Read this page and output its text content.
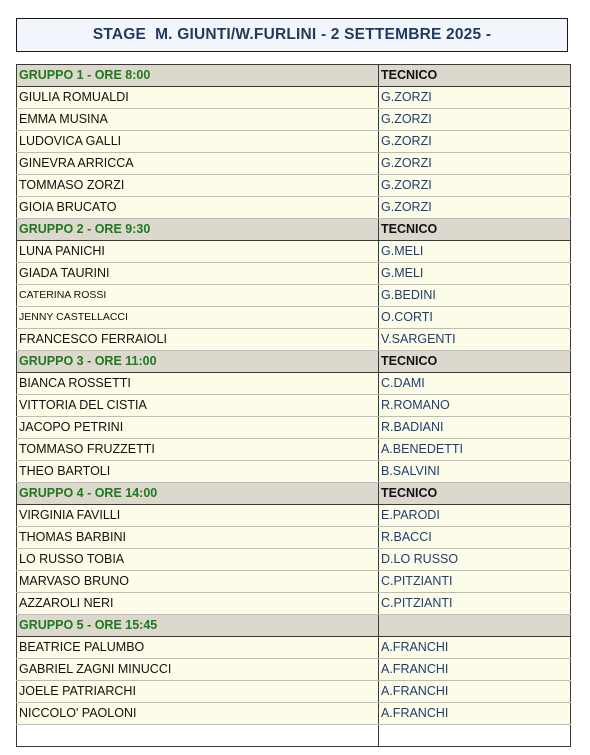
STAGE  M. GIUNTI/W.FURLINI - 2 SETTEMBRE 2025 -
GRUPPO 1 - ORE 8:00	TECNICO
GIULIA ROMUALDI	G.ZORZI
EMMA MUSINA	G.ZORZI
LUDOVICA GALLI	G.ZORZI
GINEVRA ARRICCA	G.ZORZI
TOMMASO ZORZI	G.ZORZI
GIOIA BRUCATO	G.ZORZI
GRUPPO 2 - ORE 9:30	TECNICO
LUNA PANICHI	G.MELI
GIADA TAURINI	G.MELI
CATERINA ROSSI	G.BEDINI
JENNY CASTELLACCI	O.CORTI
FRANCESCO FERRAIOLI	V.SARGENTI
GRUPPO 3 - ORE 11:00	TECNICO
BIANCA ROSSETTI	C.DAMI
VITTORIA DEL CISTIA	R.ROMANO
JACOPO PETRINI	R.BADIANI
TOMMASO FRUZZETTI	A.BENEDETTI
THEO BARTOLI	B.SALVINI
GRUPPO 4 - ORE 14:00	TECNICO
VIRGINIA FAVILLI	E.PARODI
THOMAS BARBINI	R.BACCI
LO RUSSO TOBIA	D.LO RUSSO
MARVASO BRUNO	C.PITZIANTI
AZZAROLI NERI	C.PITZIANTI
GRUPPO 5 - ORE 15:45	
BEATRICE PALUMBO	A.FRANCHI
GABRIEL ZAGNI MINUCCI	A.FRANCHI
JOELE PATRIARCHI	A.FRANCHI
NICCOLO' PAOLONI	A.FRANCHI
